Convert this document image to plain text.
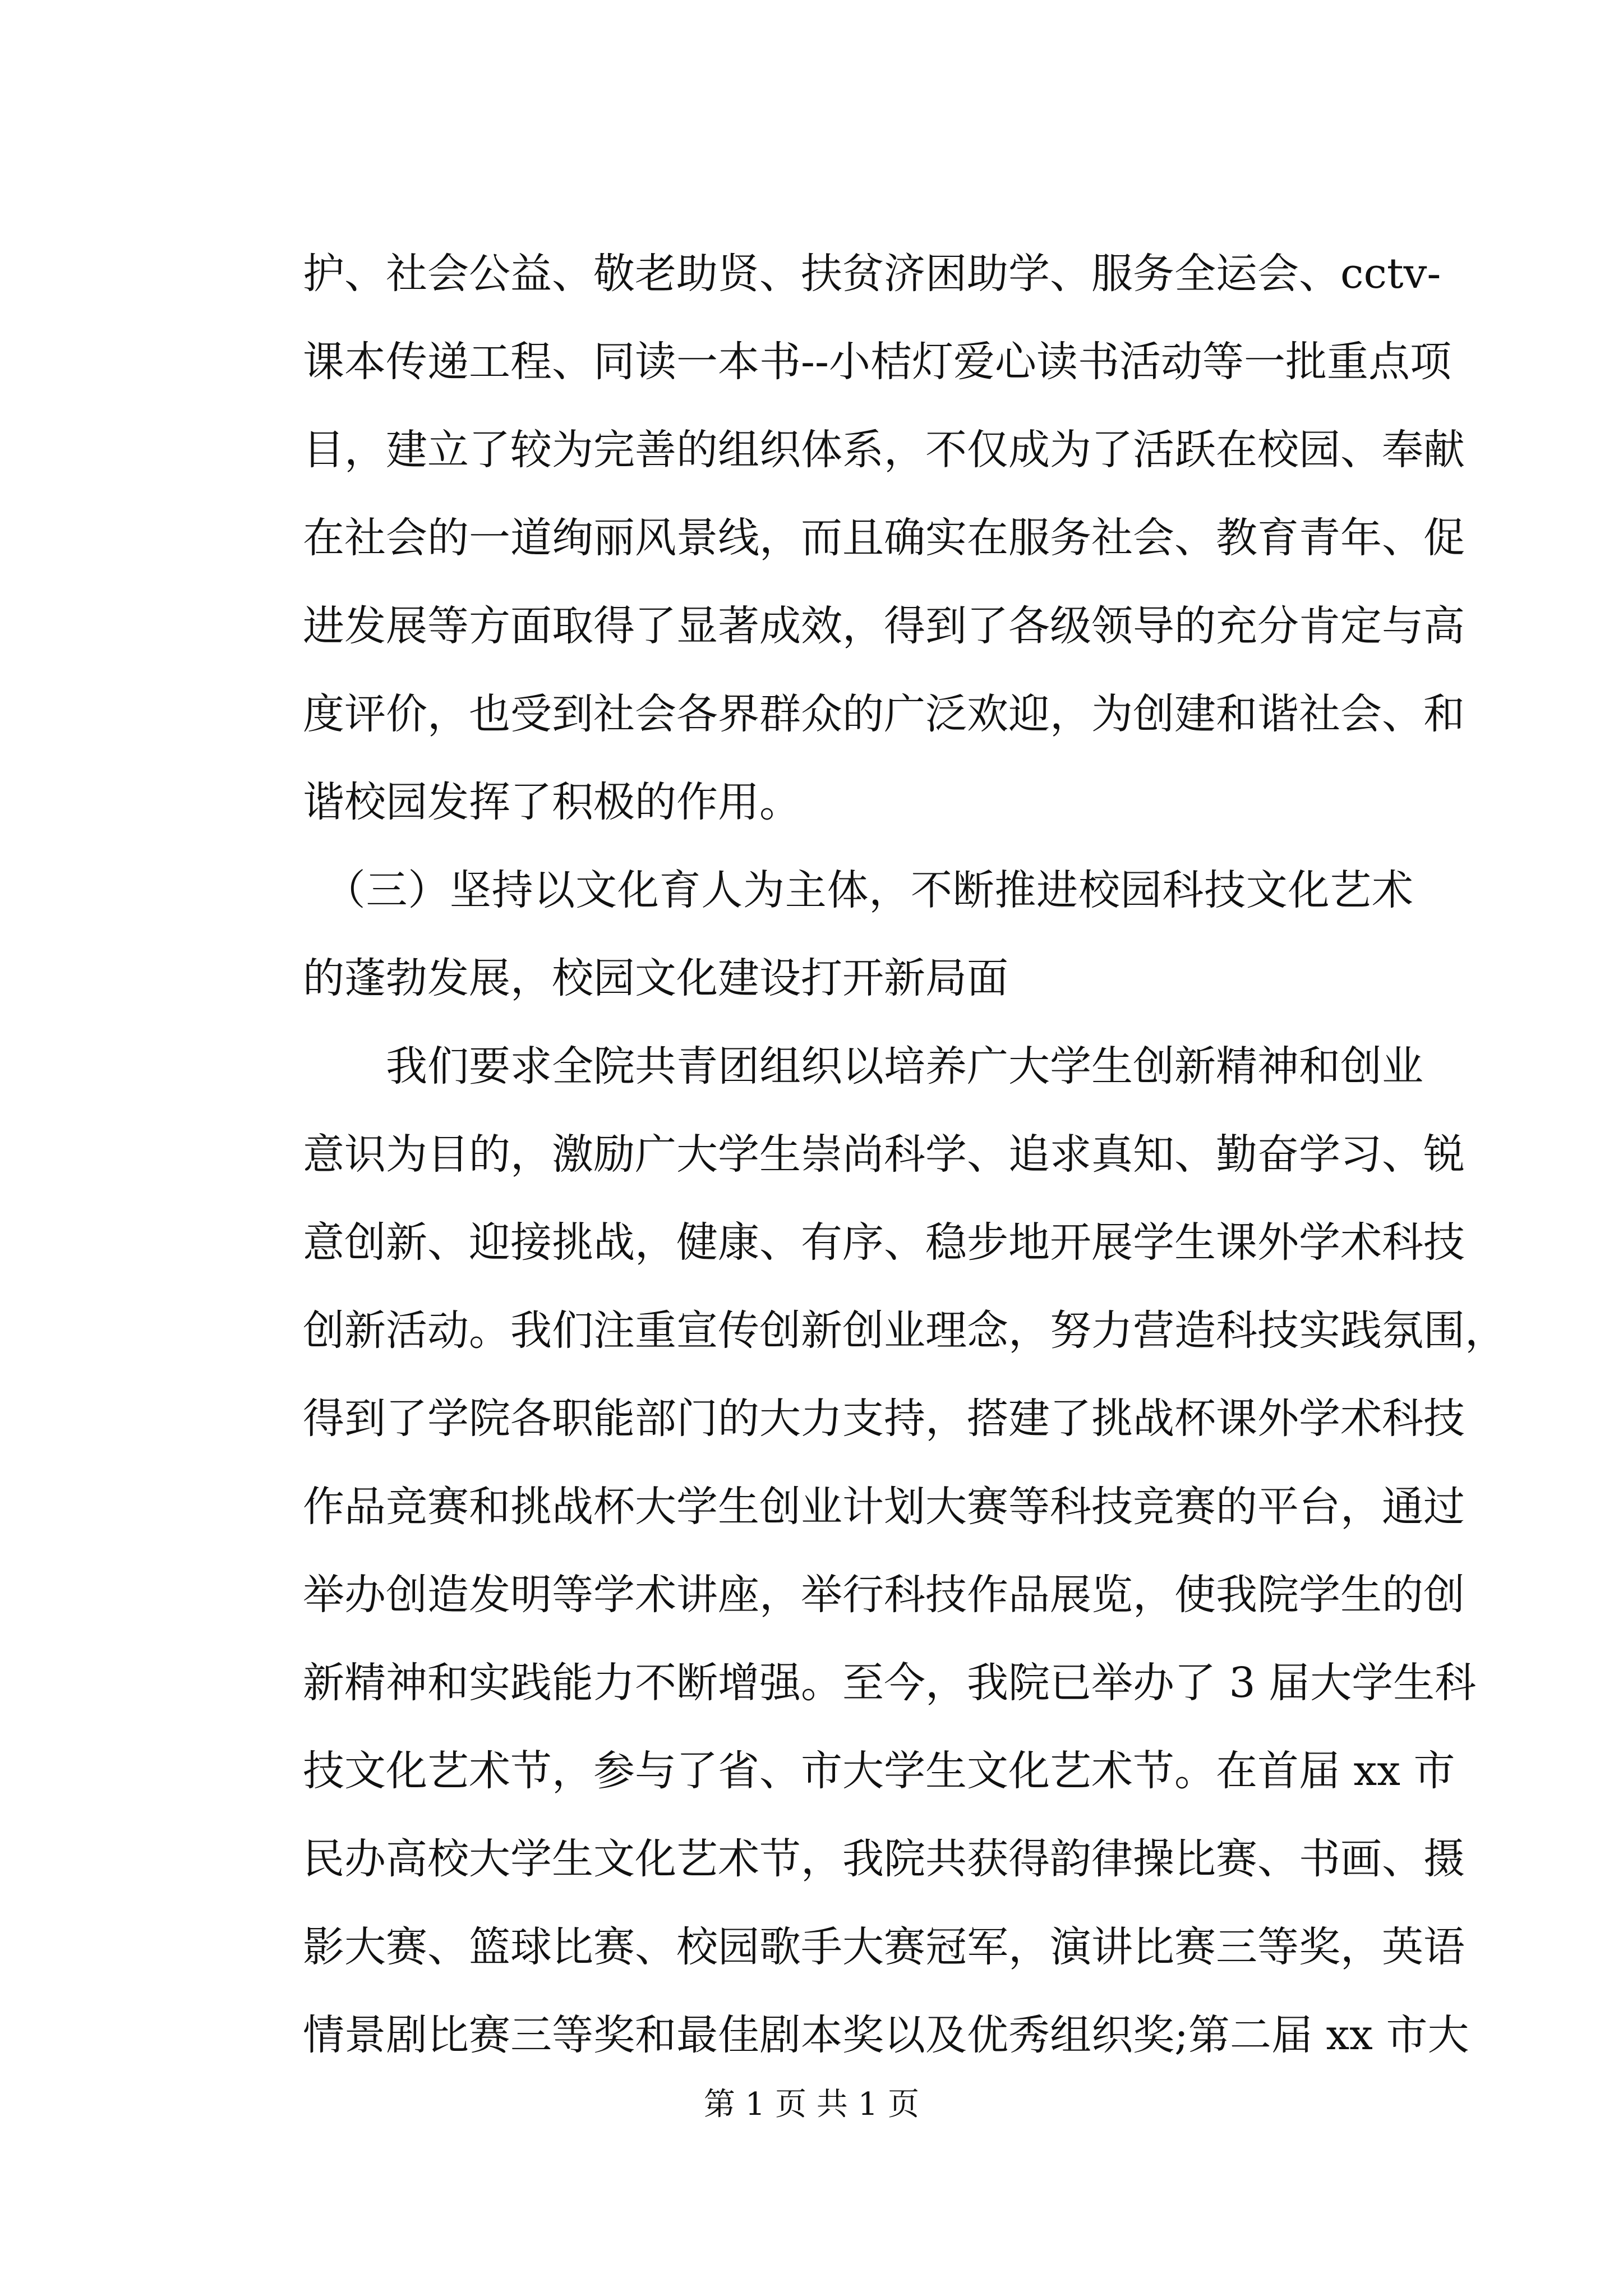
护、社会公益、敬老助贤、扶贫济困助学、服务全运会、cctv-
课本传递工程、同读一本书--小桔灯爱心读书活动等一批重点项
目，建立了较为完善的组织体系，不仅成为了活跃在校园、奉献
在社会的一道绚丽风景线，而且确实在服务社会、教育青年、促
进发展等方面取得了显著成效，得到了各级领导的充分肯定与高
度评价，也受到社会各界群众的广泛欢迎，为创建和谐社会、和
谐校园发挥了积极的作用。
　（三）坚持以文化育人为主体，不断推进校园科技文化艺术
的蓬勃发展，校园文化建设打开新局面
　　我们要求全院共青团组织以培养广大学生创新精神和创业
意识为目的，激励广大学生崇尚科学、追求真知、勤奋学习、锐
意创新、迎接挑战，健康、有序、稳步地开展学生课外学术科技
创新活动。我们注重宣传创新创业理念，努力营造科技实践氛围，
得到了学院各职能部门的大力支持，搭建了挑战杯课外学术科技
作品竞赛和挑战杯大学生创业计划大赛等科技竞赛的平台，通过
举办创造发明等学术讲座，举行科技作品展览，使我院学生的创
新精神和实践能力不断增强。至今，我院已举办了 3 届大学生科
技文化艺术节，参与了省、市大学生文化艺术节。在首届 xx 市
民办高校大学生文化艺术节，我院共获得韵律操比赛、书画、摄
影大赛、篮球比赛、校园歌手大赛冠军，演讲比赛三等奖，英语
情景剧比赛三等奖和最佳剧本奖以及优秀组织奖;第二届 xx 市大
第 1 页 共 1 页
